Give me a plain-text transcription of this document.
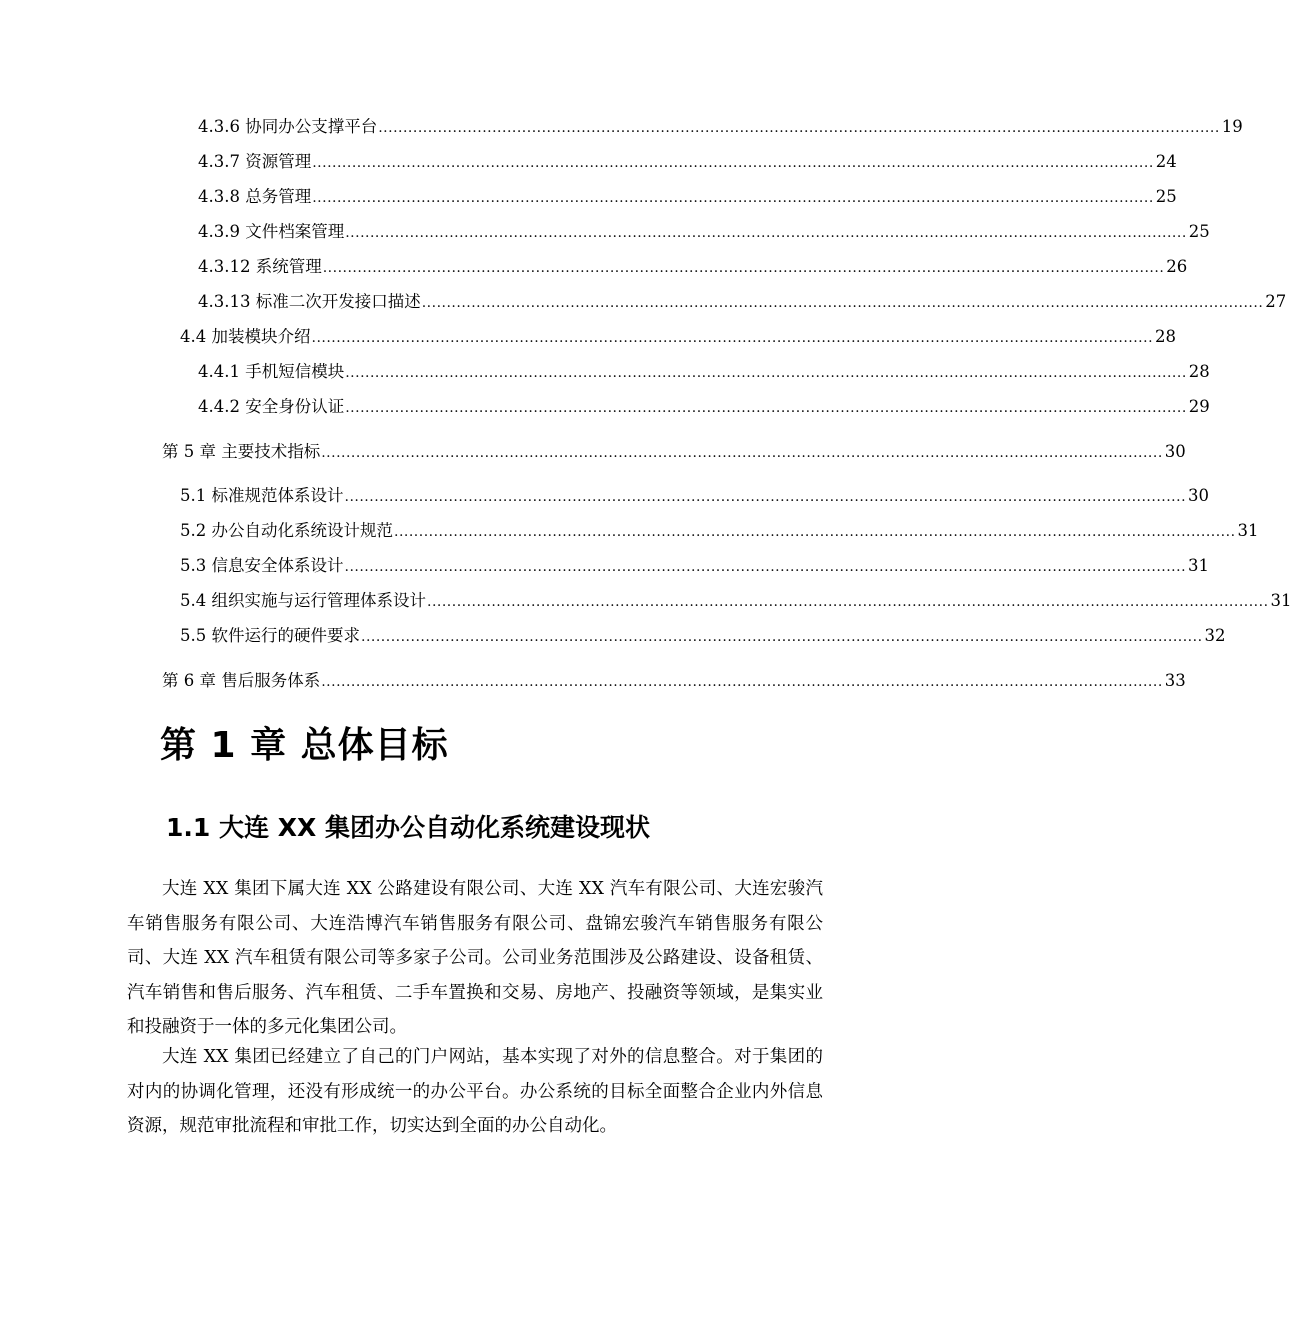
4.3.6 协同办公支撑平台 .......................................................................................................................................................................... 19
4.3.7 资源管理 .......................................................................................................................................................................... 24
4.3.8 总务管理 .......................................................................................................................................................................... 25
4.3.9 文件档案管理 .......................................................................................................................................................................... 25
4.3.12 系统管理 .......................................................................................................................................................................... 26
4.3.13 标准二次开发接口描述 .......................................................................................................................................................................... 27
4.4 加装模块介绍 .......................................................................................................................................................................... 28
4.4.1 手机短信模块 .......................................................................................................................................................................... 28
4.4.2 安全身份认证 .......................................................................................................................................................................... 29
第 5 章 主要技术指标 .......................................................................................................................................................................... 30
5.1 标准规范体系设计 .......................................................................................................................................................................... 30
5.2 办公自动化系统设计规范 .......................................................................................................................................................................... 31
5.3 信息安全体系设计 .......................................................................................................................................................................... 31
5.4 组织实施与运行管理体系设计 .......................................................................................................................................................................... 31
5.5 软件运行的硬件要求 .......................................................................................................................................................................... 32
第 6 章 售后服务体系 .......................................................................................................................................................................... 33
第 1 章 总体目标
1.1 大连 XX 集团办公自动化系统建设现状

大连 XX 集团下属大连 XX 公路建设有限公司、大连 XX 汽车有限公司、大连宏骏汽车销售服务有限公司、大连浩博汽车销售服务有限公司、盘锦宏骏汽车销售服务有限公司、大连 XX 汽车租赁有限公司等多家子公司。公司业务范围涉及公路建设、设备租赁、汽车销售和售后服务、汽车租赁、二手车置换和交易、房地产、投融资等领域，是集实业和投融资于一体的多元化集团公司。

大连 XX 集团已经建立了自己的门户网站，基本实现了对外的信息整合。对于集团的对内的协调化管理，还没有形成统一的办公平台。办公系统的目标全面整合企业内外信息资源，规范审批流程和审批工作，切实达到全面的办公自动化。
